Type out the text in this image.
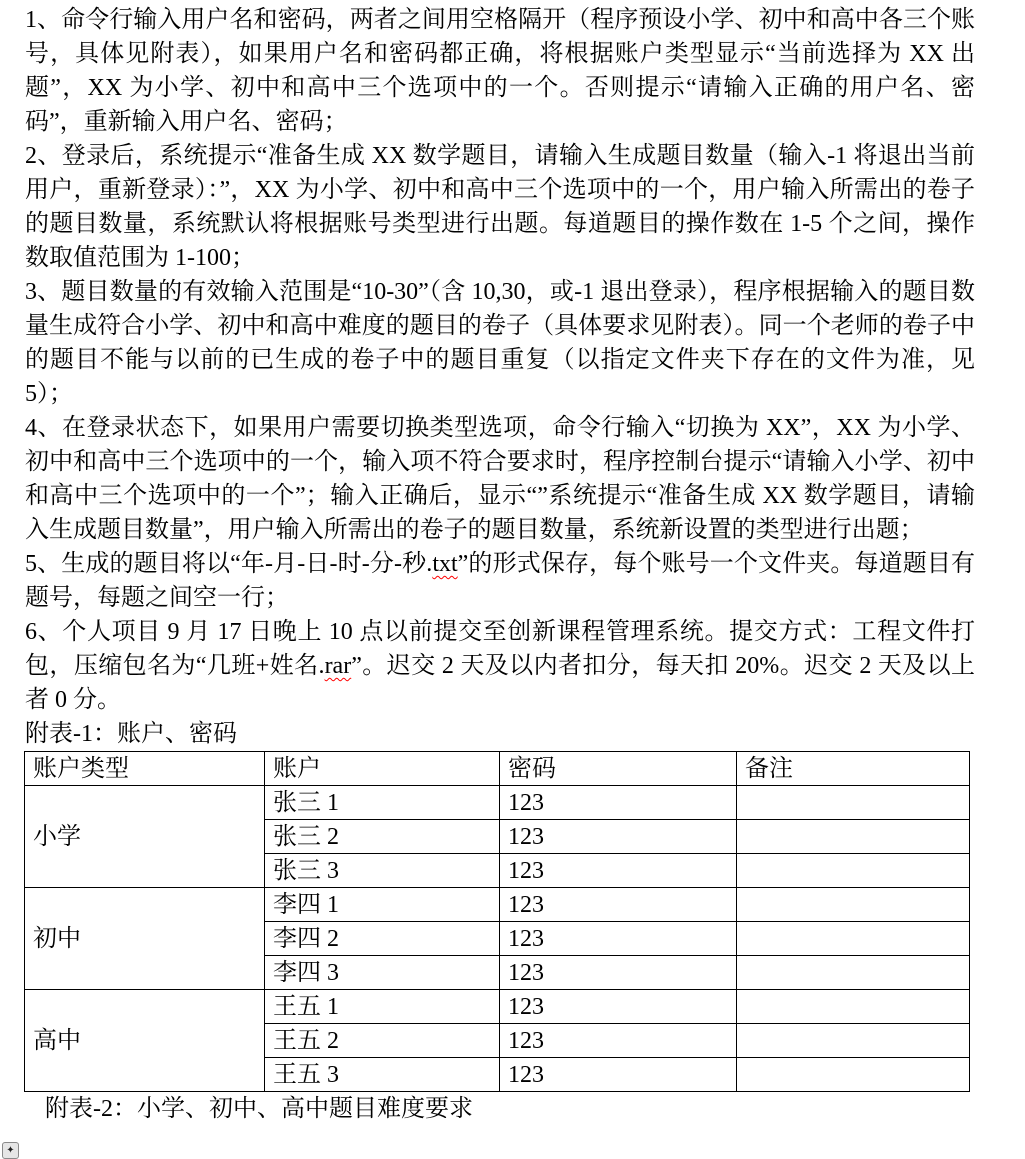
1、命令行输入用户名和密码，两者之间用空格隔开（程序预设小学、初中和高中各三个账号，具体见附表），如果用户名和密码都正确，将根据账户类型显示“当前选择为 XX 出题”，XX 为小学、初中和高中三个选项中的一个。否则提示“请输入正确的用户名、密码”，重新输入用户名、密码；

2、登录后，系统提示“准备生成 XX 数学题目，请输入生成题目数量（输入-1 将退出当前用户，重新登录）：”，XX 为小学、初中和高中三个选项中的一个，用户输入所需出的卷子的题目数量，系统默认将根据账号类型进行出题。每道题目的操作数在 1-5 个之间，操作数取值范围为 1-100；

3、题目数量的有效输入范围是“10-30”（含 10,30，或-1 退出登录），程序根据输入的题目数量生成符合小学、初中和高中难度的题目的卷子（具体要求见附表）。同一个老师的卷子中的题目不能与以前的已生成的卷子中的题目重复（以指定文件夹下存在的文件为准，见 5）；

4、在登录状态下，如果用户需要切换类型选项，命令行输入“切换为 XX”，XX 为小学、初中和高中三个选项中的一个，输入项不符合要求时，程序控制台提示“请输入小学、初中和高中三个选项中的一个”；输入正确后，显示“”系统提示“准备生成 XX 数学题目，请输入生成题目数量”，用户输入所需出的卷子的题目数量，系统新设置的类型进行出题；

5、生成的题目将以“年-月-日-时-分-秒.txt”的形式保存，每个账号一个文件夹。每道题目有题号，每题之间空一行；

6、个人项目 9 月 17 日晚上 10 点以前提交至创新课程管理系统。提交方式：工程文件打包，压缩包名为“几班+姓名.rar”。迟交 2 天及以内者扣分，每天扣 20%。迟交 2 天及以上者 0 分。

附表-1：账户、密码

账户类型	账户	密码	备注
小学	张三 1	123	
	张三 2	123	
	张三 3	123	
初中	李四 1	123	
	李四 2	123	
	李四 3	123	
高中	王五 1	123	
	王五 2	123	
	王五 3	123	

附表-2：小学、初中、高中题目难度要求

✦
